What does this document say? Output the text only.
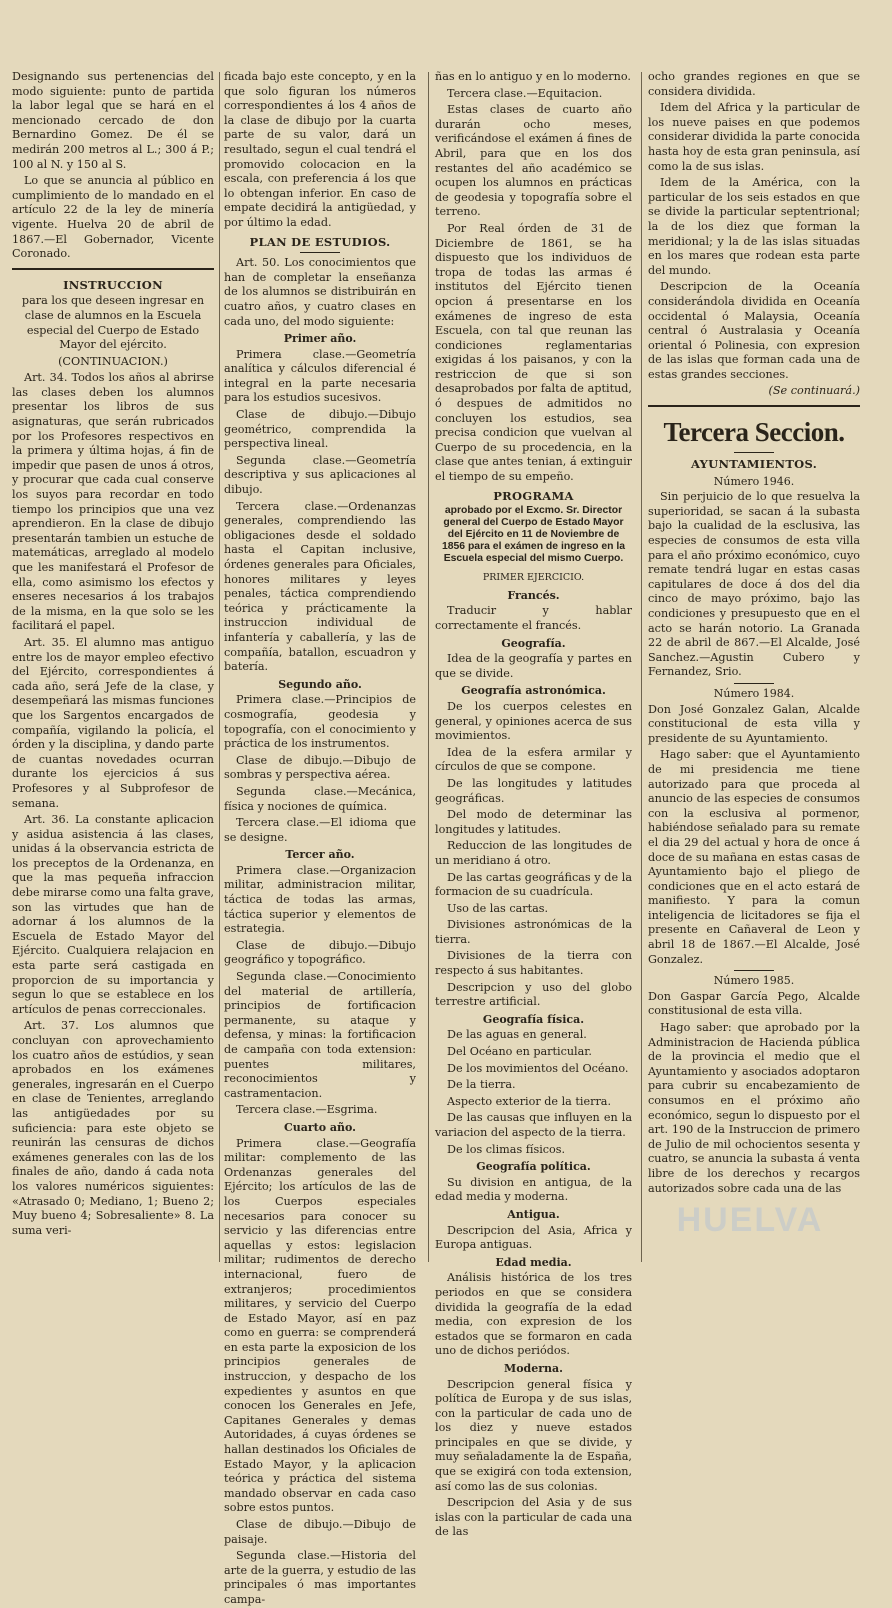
Designando sus pertenencias del modo siguiente: punto de partida la labor legal que se hará en el mencionado cercado de don Bernardino Gomez. De él se medirán 200 metros al L.; 300 á P.; 100 al N. y 150 al S.

Lo que se anuncia al público en cumplimiento de lo mandado en el artículo 22 de la ley de minería vigente. Huelva 20 de abril de 1867.—El Gobernador, Vicente Coronado.

INSTRUCCION

para los que deseen ingresar en clase de alumnos en la Escuela especial del Cuerpo de Estado Mayor del ejército.

(CONTINUACION.)

Art. 34. Todos los años al abrirse las clases deben los alumnos presentar los libros de sus asignaturas, que serán rubricados por los Profesores respectivos en la primera y última hojas, á fin de impedir que pasen de unos á otros, y procurar que cada cual conserve los suyos para recordar en todo tiempo los principios que una vez aprendieron. En la clase de dibujo presentarán tambien un estuche de matemáticas, arreglado al modelo que les manifestará el Profesor de ella, como asimismo los efectos y enseres necesarios á los trabajos de la misma, en la que solo se les facilitará el papel.

Art. 35. El alumno mas antiguo entre los de mayor empleo efectivo del Ejército, correspondientes á cada año, será Jefe de la clase, y desempeñará las mismas funciones que los Sargentos encargados de compañía, vigilando la policía, el órden y la disciplina, y dando parte de cuantas novedades ocurran durante los ejercicios á sus Profesores y al Subprofesor de semana.

Art. 36. La constante aplicacion y asidua asistencia á las clases, unidas á la observancia estricta de los preceptos de la Ordenanza, en que la mas pequeña infraccion debe mirarse como una falta grave, son las virtudes que han de adornar á los alumnos de la Escuela de Estado Mayor del Ejército. Cualquiera relajacion en esta parte será castigada en proporcion de su importancia y segun lo que se establece en los artículos de penas correccionales.

Art. 37. Los alumnos que concluyan con aprovechamiento los cuatro años de estúdios, y sean aprobados en los exámenes generales, ingresarán en el Cuerpo en clase de Tenientes, arreglando las antigüedades por su suficiencia: para este objeto se reunirán las censuras de dichos exámenes generales con las de los finales de año, dando á cada nota los valores numéricos siguientes: «Atrasado 0; Mediano, 1; Bueno 2; Muy bueno 4; Sobresaliente» 8. La suma veri-

ficada bajo este concepto, y en la que solo figuran los números correspondientes á los 4 años de la clase de dibujo por la cuarta parte de su valor, dará un resultado, segun el cual tendrá el promovido colocacion en la escala, con preferencia á los que lo obtengan inferior. En caso de empate decidirá la antigüedad, y por último la edad.

PLAN DE ESTUDIOS.

Art. 50. Los conocimientos que han de completar la enseñanza de los alumnos se distribuirán en cuatro años, y cuatro clases en cada uno, del modo siguiente:

Primer año.

Primera clase.—Geometría analítica y cálculos diferencial é integral en la parte necesaria para los estudios sucesivos.

Clase de dibujo.—Dibujo geométrico, comprendida la perspectiva lineal.

Segunda clase.—Geometría descriptiva y sus aplicaciones al dibujo.

Tercera clase.—Ordenanzas generales, comprendiendo las obligaciones desde el soldado hasta el Capitan inclusive, órdenes generales para Oficiales, honores militares y leyes penales, táctica comprendiendo teórica y prácticamente la instruccion individual de infantería y caballería, y las de compañía, batallon, escuadron y batería.

Segundo año.

Primera clase.—Principios de cosmografía, geodesia y topografía, con el conocimiento y práctica de los instrumentos.

Clase de dibujo.—Dibujo de sombras y perspectiva aérea.

Segunda clase.—Mecánica, física y nociones de química.

Tercera clase.—El idioma que se designe.

Tercer año.

Primera clase.—Organizacion militar, administracion militar, táctica de todas las armas, táctica superior y elementos de estrategia.

Clase de dibujo.—Dibujo geográfico y topográfico.

Segunda clase.—Conocimiento del material de artillería, principios de fortificacion permanente, su ataque y defensa, y minas: la fortificacion de campaña con toda extension: puentes militares, reconocimientos y castramentacion.

Tercera clase.—Esgrima.

Cuarto año.

Primera clase.—Geografía militar: complemento de las Ordenanzas generales del Ejército; los artículos de las de los Cuerpos especiales necesarios para conocer su servicio y las diferencias entre aquellas y estos: legislacion militar; rudimentos de derecho internacional, fuero de extranjeros; procedimientos militares, y servicio del Cuerpo de Estado Mayor, así en paz como en guerra: se comprenderá en esta parte la exposicion de los principios generales de instruccion, y despacho de los expedientes y asuntos en que conocen los Generales en Jefe, Capitanes Generales y demas Autoridades, á cuyas órdenes se hallan destinados los Oficiales de Estado Mayor, y la aplicacion teórica y práctica del sistema mandado observar en cada caso sobre estos puntos.

Clase de dibujo.—Dibujo de paisaje.

Segunda clase.—Historia del arte de la guerra, y estudio de las principales ó mas importantes campa-

ñas en lo antiguo y en lo moderno.

Tercera clase.—Equitacion.

Estas clases de cuarto año durarán ocho meses, verificándose el exámen á fines de Abril, para que en los dos restantes del año académico se ocupen los alumnos en prácticas de geodesia y topografía sobre el terreno.

Por Real órden de 31 de Diciembre de 1861, se ha dispuesto que los individuos de tropa de todas las armas é institutos del Ejército tienen opcion á presentarse en los exámenes de ingreso de esta Escuela, con tal que reunan las condiciones reglamentarias exigidas á los paisanos, y con la restriccion de que si son desaprobados por falta de aptitud, ó despues de admitidos no concluyen los estudios, sea precisa condicion que vuelvan al Cuerpo de su procedencia, en la clase que antes tenian, á extinguir el tiempo de su empeño.

PROGRAMA
aprobado por el Excmo. Sr. Director general del Cuerpo de Estado Mayor del Ejército en 11 de Noviembre de 1856 para el exámen de ingreso en la Escuela especial del mismo Cuerpo.

PRIMER EJERCICIO.

Francés.

Traducir y hablar correctamente el francés.

Geografía.

Idea de la geografía y partes en que se divide.

Geografía astronómica.

De los cuerpos celestes en general, y opiniones acerca de sus movimientos.

Idea de la esfera armilar y círculos de que se compone.

De las longitudes y latitudes geográficas.

Del modo de determinar las longitudes y latitudes.

Reduccion de las longitudes de un meridiano á otro.

De las cartas geográficas y de la formacion de su cuadrícula.

Uso de las cartas.

Divisiones astronómicas de la tierra.

Divisiones de la tierra con respecto á sus habitantes.

Descripcion y uso del globo terrestre artificial.

Geografía física.

De las aguas en general.

Del Océano en particular.

De los movimientos del Océano.

De la tierra.

Aspecto exterior de la tierra.

De las causas que influyen en la variacion del aspecto de la tierra.

De los climas físicos.

Geografía política.

Su division en antigua, de la edad media y moderna.

Antigua.

Descripcion del Asia, Africa y Europa antiguas.

Edad media.

Análisis histórica de los tres periodos en que se considera dividida la geografía de la edad media, con expresion de los estados que se formaron en cada uno de dichos periódos.

Moderna.

Descripcion general física y política de Europa y de sus islas, con la particular de cada uno de los diez y nueve estados principales en que se divide, y muy señaladamente la de España, que se exigirá con toda extension, así como las de sus colonias.

Descripcion del Asia y de sus islas con la particular de cada una de las

ocho grandes regiones en que se considera dividida.

Idem del Africa y la particular de los nueve paises en que podemos considerar dividida la parte conocida hasta hoy de esta gran peninsula, así como la de sus islas.

Idem de la América, con la particular de los seis estados en que se divide la particular septentrional; la de los diez que forman la meridional; y la de las islas situadas en los mares que rodean esta parte del mundo.

Descripcion de la Oceanía considerándola dividida en Oceanía occidental ó Malaysia, Oceanía central ó Australasia y Oceanía oriental ó Polinesia, con expresion de las islas que forman cada una de estas grandes secciones.

(Se continuará.)

Tercera Seccion.
AYUNTAMIENTOS.
Número 1946.

Sin perjuicio de lo que resuelva la superioridad, se sacan á la subasta bajo la cualidad de la esclusiva, las especies de consumos de esta villa para el año próximo económico, cuyo remate tendrá lugar en estas casas capitulares de doce á dos del dia cinco de mayo próximo, bajo las condiciones y presupuesto que en el acto se harán notorio. La Granada 22 de abril de 867.—El Alcalde, José Sanchez.—Agustin Cubero y Fernandez, Srio.

Número 1984.

Don José Gonzalez Galan, Alcalde constitucional de esta villa y presidente de su Ayuntamiento.

Hago saber: que el Ayuntamiento de mi presidencia me tiene autorizado para que proceda al anuncio de las especies de consumos con la esclusiva al pormenor, habiéndose señalado para su remate el dia 29 del actual y hora de once á doce de su mañana en estas casas de Ayuntamiento bajo el pliego de condiciones que en el acto estará de manifiesto. Y para la comun inteligencia de licitadores se fija el presente en Cañaveral de Leon y abril 18 de 1867.—El Alcalde, José Gonzalez.

Número 1985.

Don Gaspar García Pego, Alcalde constitusional de esta villa.

Hago saber: que aprobado por la Administracion de Hacienda pública de la provincia el medio que el Ayuntamiento y asociados adoptaron para cubrir su encabezamiento de consumos en el próximo año económico, segun lo dispuesto por el art. 190 de la Instruccion de primero de Julio de mil ochocientos sesenta y cuatro, se anuncia la subasta á venta libre de los derechos y recargos autorizados sobre cada una de las

HUELVA
